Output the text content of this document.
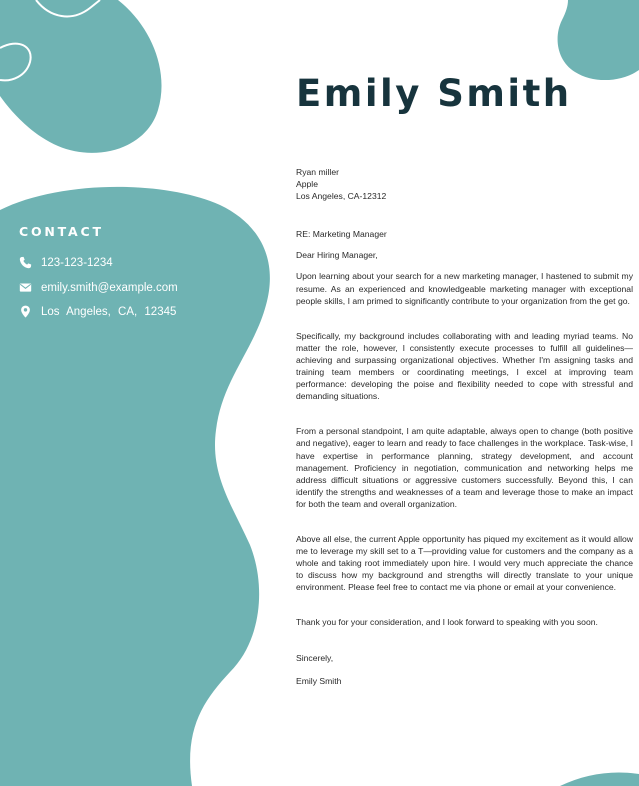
Emily Smith
CONTACT
123-123-1234
emily.smith@example.com
Los Angeles, CA, 12345
Ryan miller
Apple
Los Angeles, CA-12312
RE: Marketing Manager
Dear Hiring Manager,

Upon learning about your search for a new marketing manager, I hastened to submit my resume. As an experienced and knowledgeable marketing manager with exceptional people skills, I am primed to significantly contribute to your organization from the get go.

Specifically, my background includes collaborating with and leading myriad teams. No matter the role, however, I consistently execute processes to fulfill all guidelines—achieving and surpassing organizational objectives. Whether I'm assigning tasks and training team members or coordinating meetings, I excel at improving team performance: developing the poise and flexibility needed to cope with stressful and demanding situations.

From a personal standpoint, I am quite adaptable, always open to change (both positive and negative), eager to learn and ready to face challenges in the workplace. Task-wise, I have expertise in performance planning, strategy development, and account management. Proficiency in negotiation, communication and networking helps me address difficult situations or aggressive customers successfully. Beyond this, I can identify the strengths and weaknesses of a team and leverage those to make an impact for both the team and overall organization.

Above all else, the current Apple opportunity has piqued my excitement as it would allow me to leverage my skill set to a T—providing value for customers and the company as a whole and taking root immediately upon hire. I would very much appreciate the chance to discuss how my background and strengths will directly translate to your unique environment. Please feel free to contact me via phone or email at your convenience.

Thank you for your consideration, and I look forward to speaking with you soon.
Sincerely,
Emily Smith
